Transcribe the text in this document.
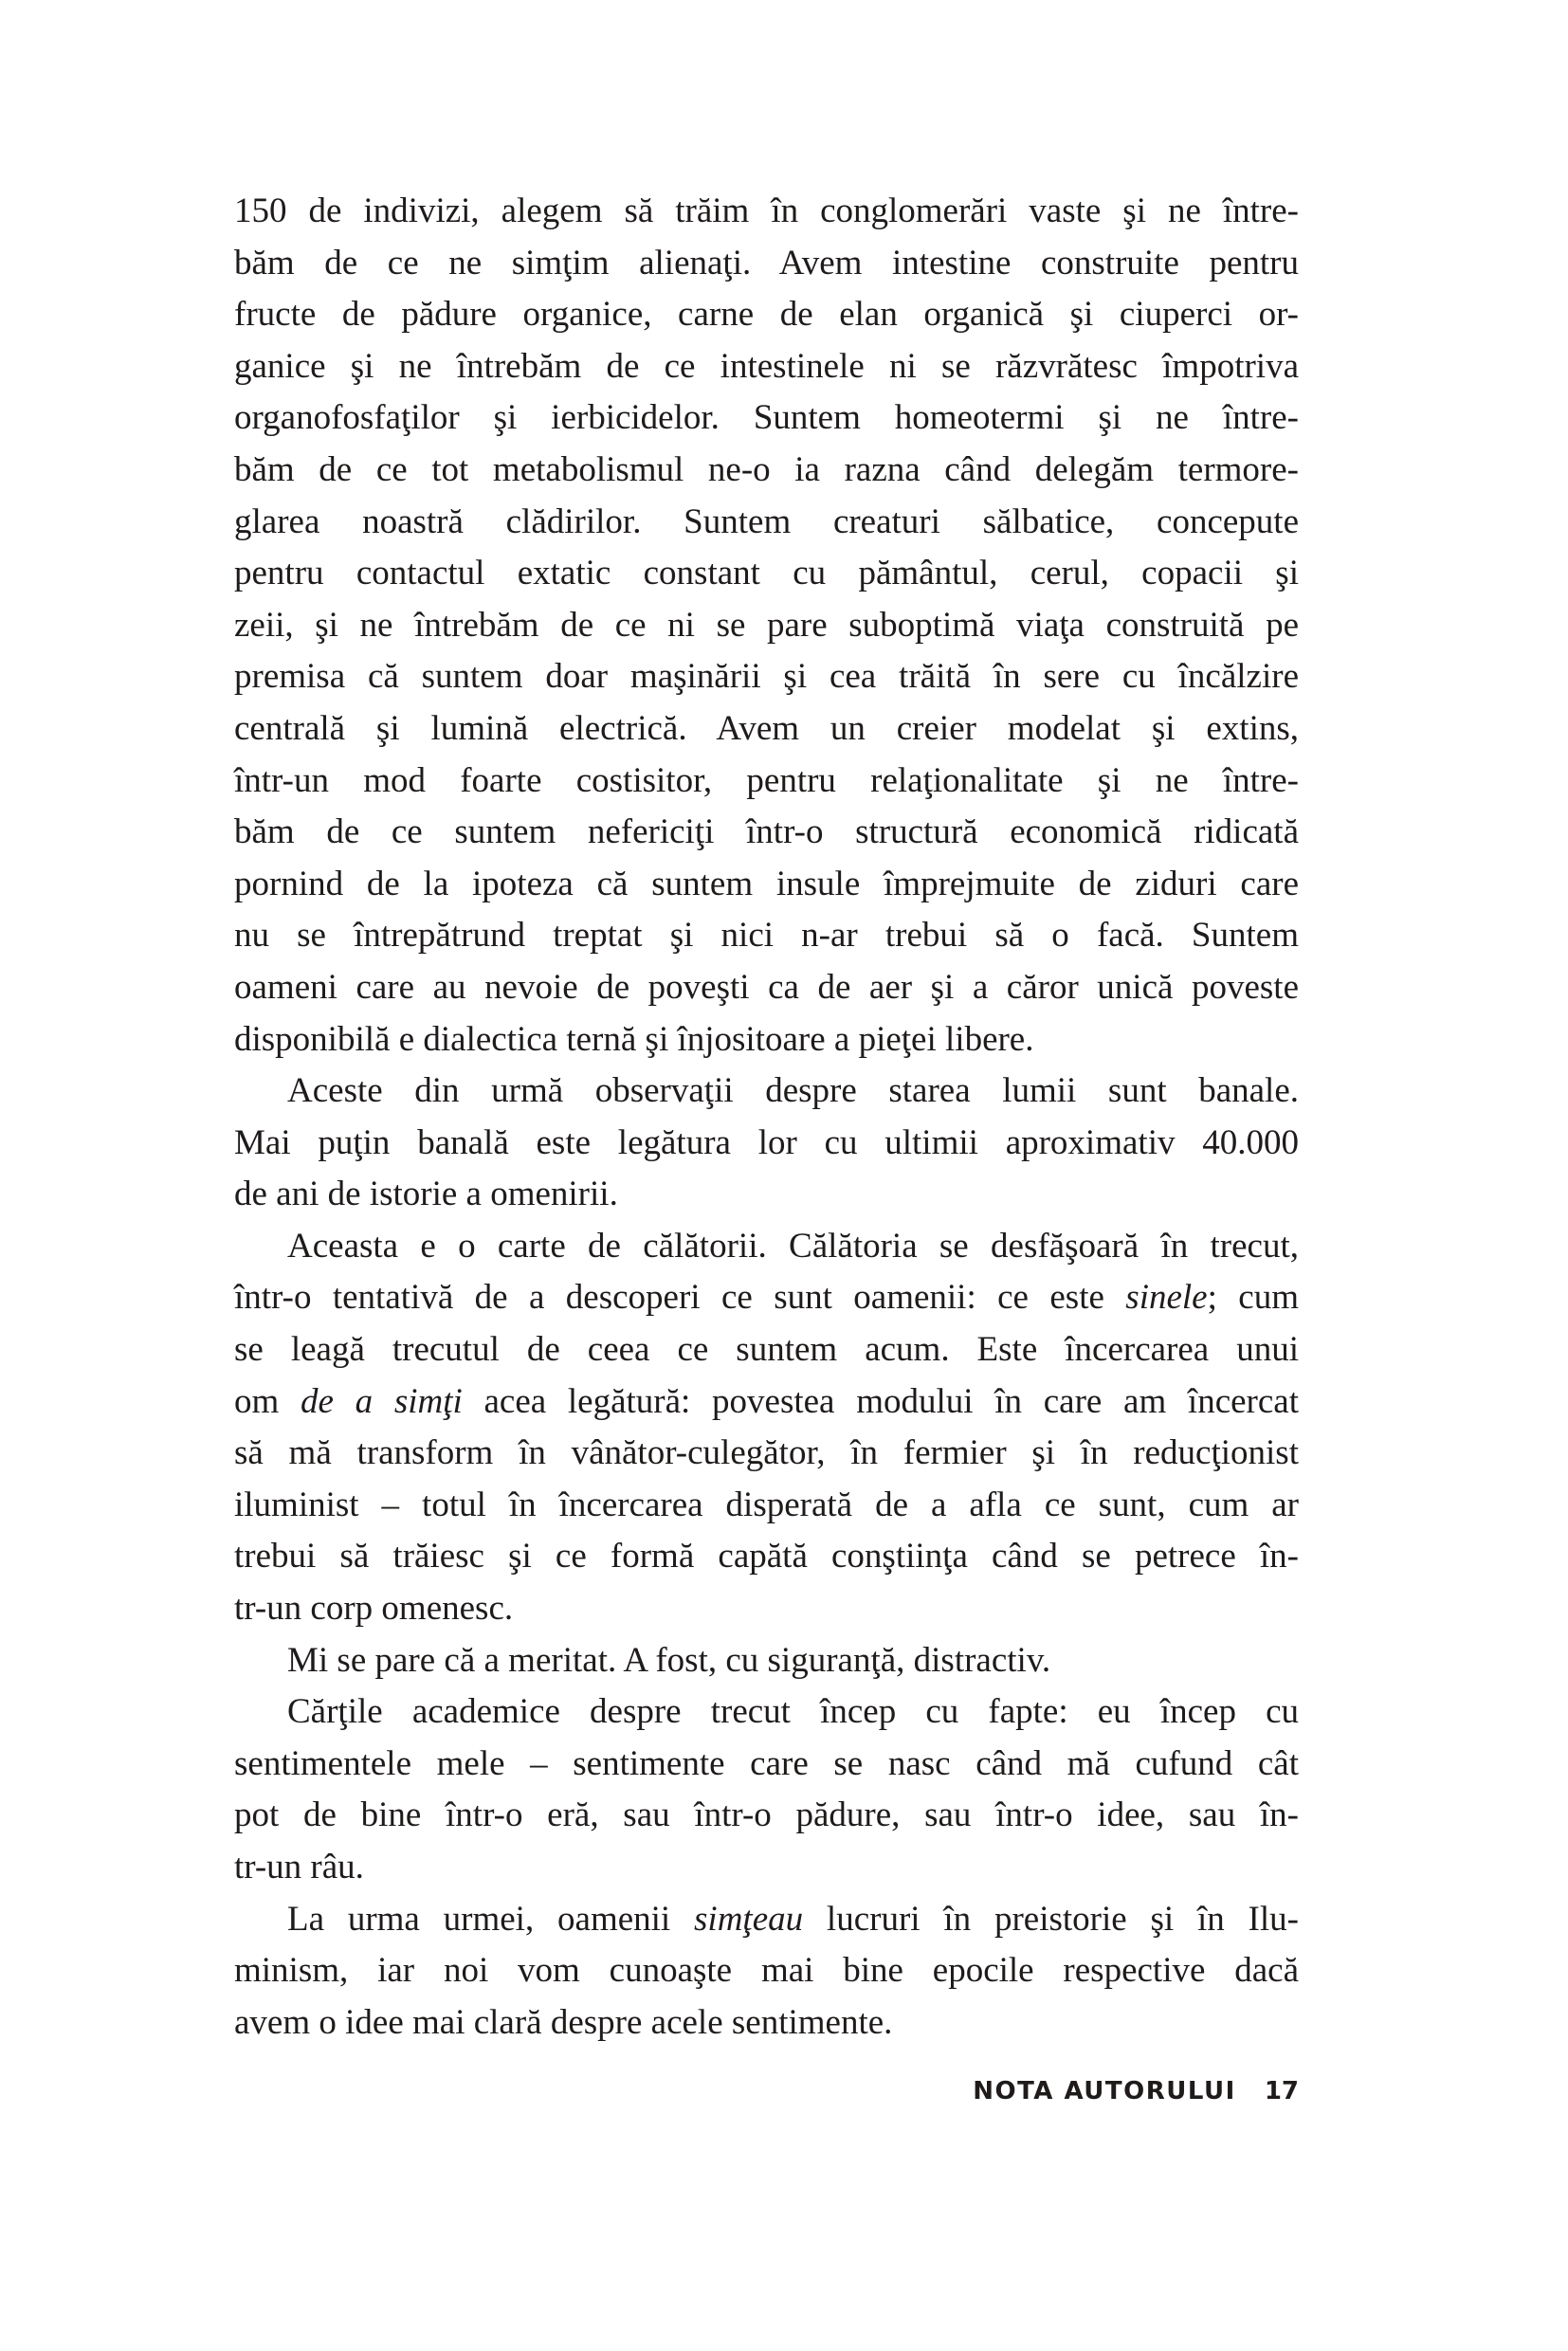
150 de indivizi, alegem să trăim în conglomerări vaste şi ne între-
băm de ce ne simţim alienaţi. Avem intestine construite pentru
fructe de pădure organice, carne de elan organică şi ciuperci or-
ganice şi ne întrebăm de ce intestinele ni se răzvrătesc împotriva
organofosfaţilor şi ierbicidelor. Suntem homeotermi şi ne între-
băm de ce tot metabolismul ne-o ia razna când delegăm termore-
glarea noastră clădirilor. Suntem creaturi sălbatice, concepute
pentru contactul extatic constant cu pământul, cerul, copacii şi
zeii, şi ne întrebăm de ce ni se pare suboptimă viaţa construită pe
premisa că suntem doar maşinării şi cea trăită în sere cu încălzire
centrală şi lumină electrică. Avem un creier modelat şi extins,
într-un mod foarte costisitor, pentru relaţionalitate şi ne între-
băm de ce suntem nefericiţi într-o structură economică ridicată
pornind de la ipoteza că suntem insule împrejmuite de ziduri care
nu se întrepătrund treptat şi nici n-ar trebui să o facă. Suntem
oameni care au nevoie de poveşti ca de aer şi a căror unică poveste
disponibilă e dialectica ternă şi înjositoare a pieţei libere.
Aceste din urmă observaţii despre starea lumii sunt banale.
Mai puţin banală este legătura lor cu ultimii aproximativ 40.000
de ani de istorie a omenirii.
Aceasta e o carte de călătorii. Călătoria se desfăşoară în trecut,
într-o tentativă de a descoperi ce sunt oamenii: ce este sinele; cum
se leagă trecutul de ceea ce suntem acum. Este încercarea unui
om de a simţi acea legătură: povestea modului în care am încercat
să mă transform în vânător-culegător, în fermier şi în reducţionist
iluminist – totul în încercarea disperată de a afla ce sunt, cum ar
trebui să trăiesc şi ce formă capătă conştiinţa când se petrece în-
tr-un corp omenesc.
Mi se pare că a meritat. A fost, cu siguranţă, distractiv.
Cărţile academice despre trecut încep cu fapte: eu încep cu
sentimentele mele – sentimente care se nasc când mă cufund cât
pot de bine într-o eră, sau într-o pădure, sau într-o idee, sau în-
tr-un râu.
La urma urmei, oamenii simţeau lucruri în preistorie şi în Ilu-
minism, iar noi vom cunoaşte mai bine epocile respective dacă
avem o idee mai clară despre acele sentimente.
NOTA AUTORULUI 17
